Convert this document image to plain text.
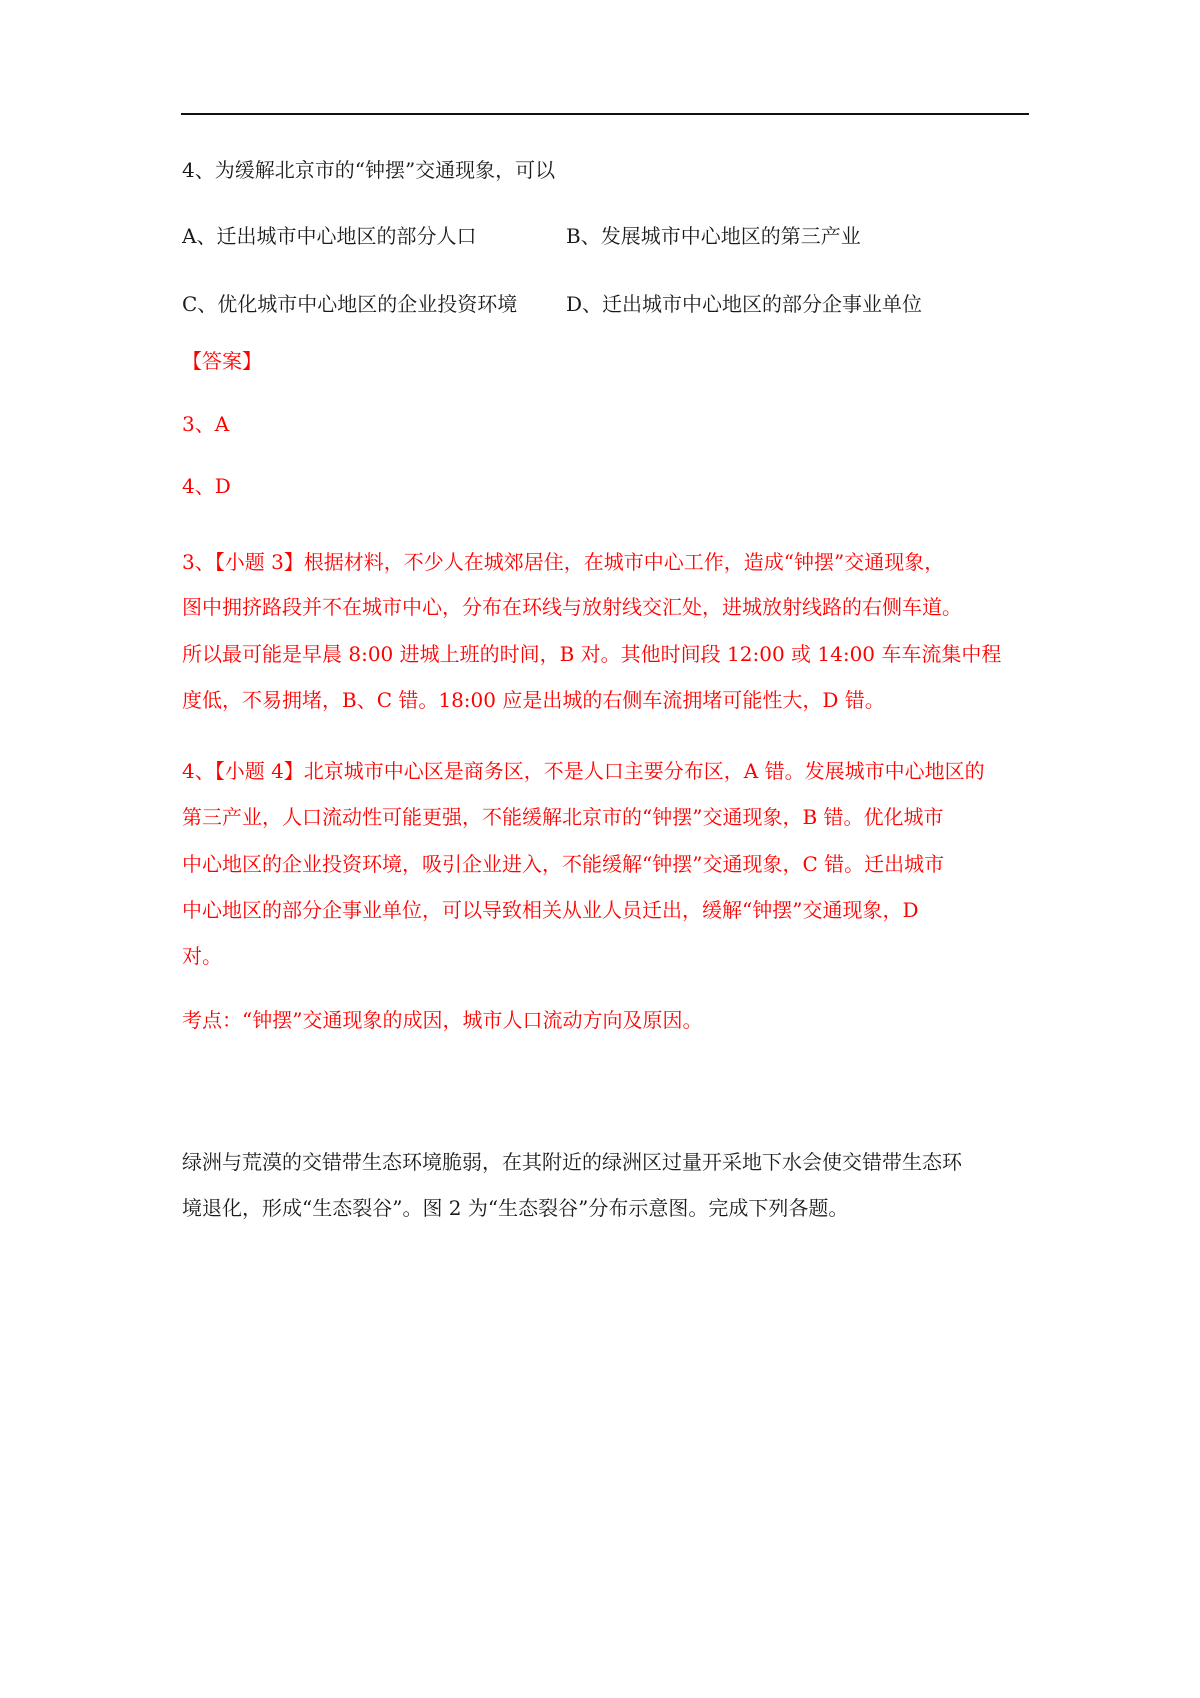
4、为缓解北京市的“钟摆”交通现象，可以
A、迁出城市中心地区的部分人口	B、发展城市中心地区的第三产业
C、优化城市中心地区的企业投资环境 D、迁出城市中心地区的部分企事业单位
【答案】
3、A
4、D
3、【小题 3】根据材料，不少人在城郊居住，在城市中心工作，造成“钟摆”交通现象，
图中拥挤路段并不在城市中心，分布在环线与放射线交汇处，进城放射线路的右侧车道。
所以最可能是早晨 8:00 进城上班的时间，B 对。其他时间段 12:00 或 14:00 车车流集中程
度低，不易拥堵，B、C 错。18:00 应是出城的右侧车流拥堵可能性大，D 错。
4、【小题 4】北京城市中心区是商务区，不是人口主要分布区，A 错。发展城市中心地区的
第三产业，人口流动性可能更强，不能缓解北京市的“钟摆”交通现象，B 错。优化城市
中心地区的企业投资环境，吸引企业进入，不能缓解“钟摆”交通现象，C 错。迁出城市
中心地区的部分企事业单位，可以导致相关从业人员迁出，缓解“钟摆”交通现象，D
对。
考点：“钟摆”交通现象的成因，城市人口流动方向及原因。
绿洲与荒漠的交错带生态环境脆弱，在其附近的绿洲区过量开采地下水会使交错带生态环
境退化，形成“生态裂谷”。图 2 为“生态裂谷”分布示意图。完成下列各题。
